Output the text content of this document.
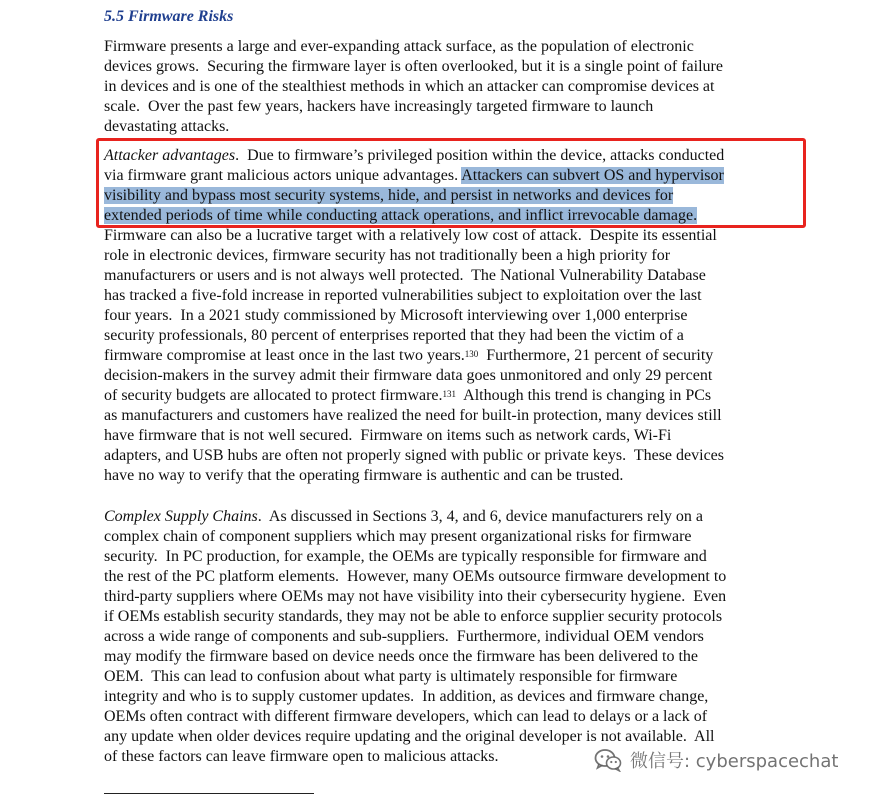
5.5 Firmware Risks
Firmware presents a large and ever-expanding attack surface, as the population of electronic
devices grows.  Securing the firmware layer is often overlooked, but it is a single point of failure
in devices and is one of the stealthiest methods in which an attacker can compromise devices at
scale.  Over the past few years, hackers have increasingly targeted firmware to launch
devastating attacks.
Attacker advantages.  Due to firmware’s privileged position within the device, attacks conducted
via firmware grant malicious actors unique advantages. Attackers can subvert OS and hypervisor
visibility and bypass most security systems, hide, and persist in networks and devices for
extended periods of time while conducting attack operations, and inflict irrevocable damage.
Firmware can also be a lucrative target with a relatively low cost of attack.  Despite its essential
role in electronic devices, firmware security has not traditionally been a high priority for
manufacturers or users and is not always well protected.  The National Vulnerability Database
has tracked a five-fold increase in reported vulnerabilities subject to exploitation over the last
four years.  In a 2021 study commissioned by Microsoft interviewing over 1,000 enterprise
security professionals, 80 percent of enterprises reported that they had been the victim of a
firmware compromise at least once in the last two years.$^{130}$  Furthermore, 21 percent of security
decision-makers in the survey admit their firmware data goes unmonitored and only 29 percent
of security budgets are allocated to protect firmware.$^{131}$  Although this trend is changing in PCs
as manufacturers and customers have realized the need for built-in protection, many devices still
have firmware that is not well secured.  Firmware on items such as network cards, Wi-Fi
adapters, and USB hubs are often not properly signed with public or private keys.  These devices
have no way to verify that the operating firmware is authentic and can be trusted.
Complex Supply Chains.  As discussed in Sections 3, 4, and 6, device manufacturers rely on a
complex chain of component suppliers which may present organizational risks for firmware
security.  In PC production, for example, the OEMs are typically responsible for firmware and
the rest of the PC platform elements.  However, many OEMs outsource firmware development to
third-party suppliers where OEMs may not have visibility into their cybersecurity hygiene.  Even
if OEMs establish security standards, they may not be able to enforce supplier security protocols
across a wide range of components and sub-suppliers.  Furthermore, individual OEM vendors
may modify the firmware based on device needs once the firmware has been delivered to the
OEM.  This can lead to confusion about what party is ultimately responsible for firmware
integrity and who is to supply customer updates.  In addition, as devices and firmware change,
OEMs often contract with different firmware developers, which can lead to delays or a lack of
any update when older devices require updating and the original developer is not available.  All
of these factors can leave firmware open to malicious attacks.	微信号: cyberspacechat
